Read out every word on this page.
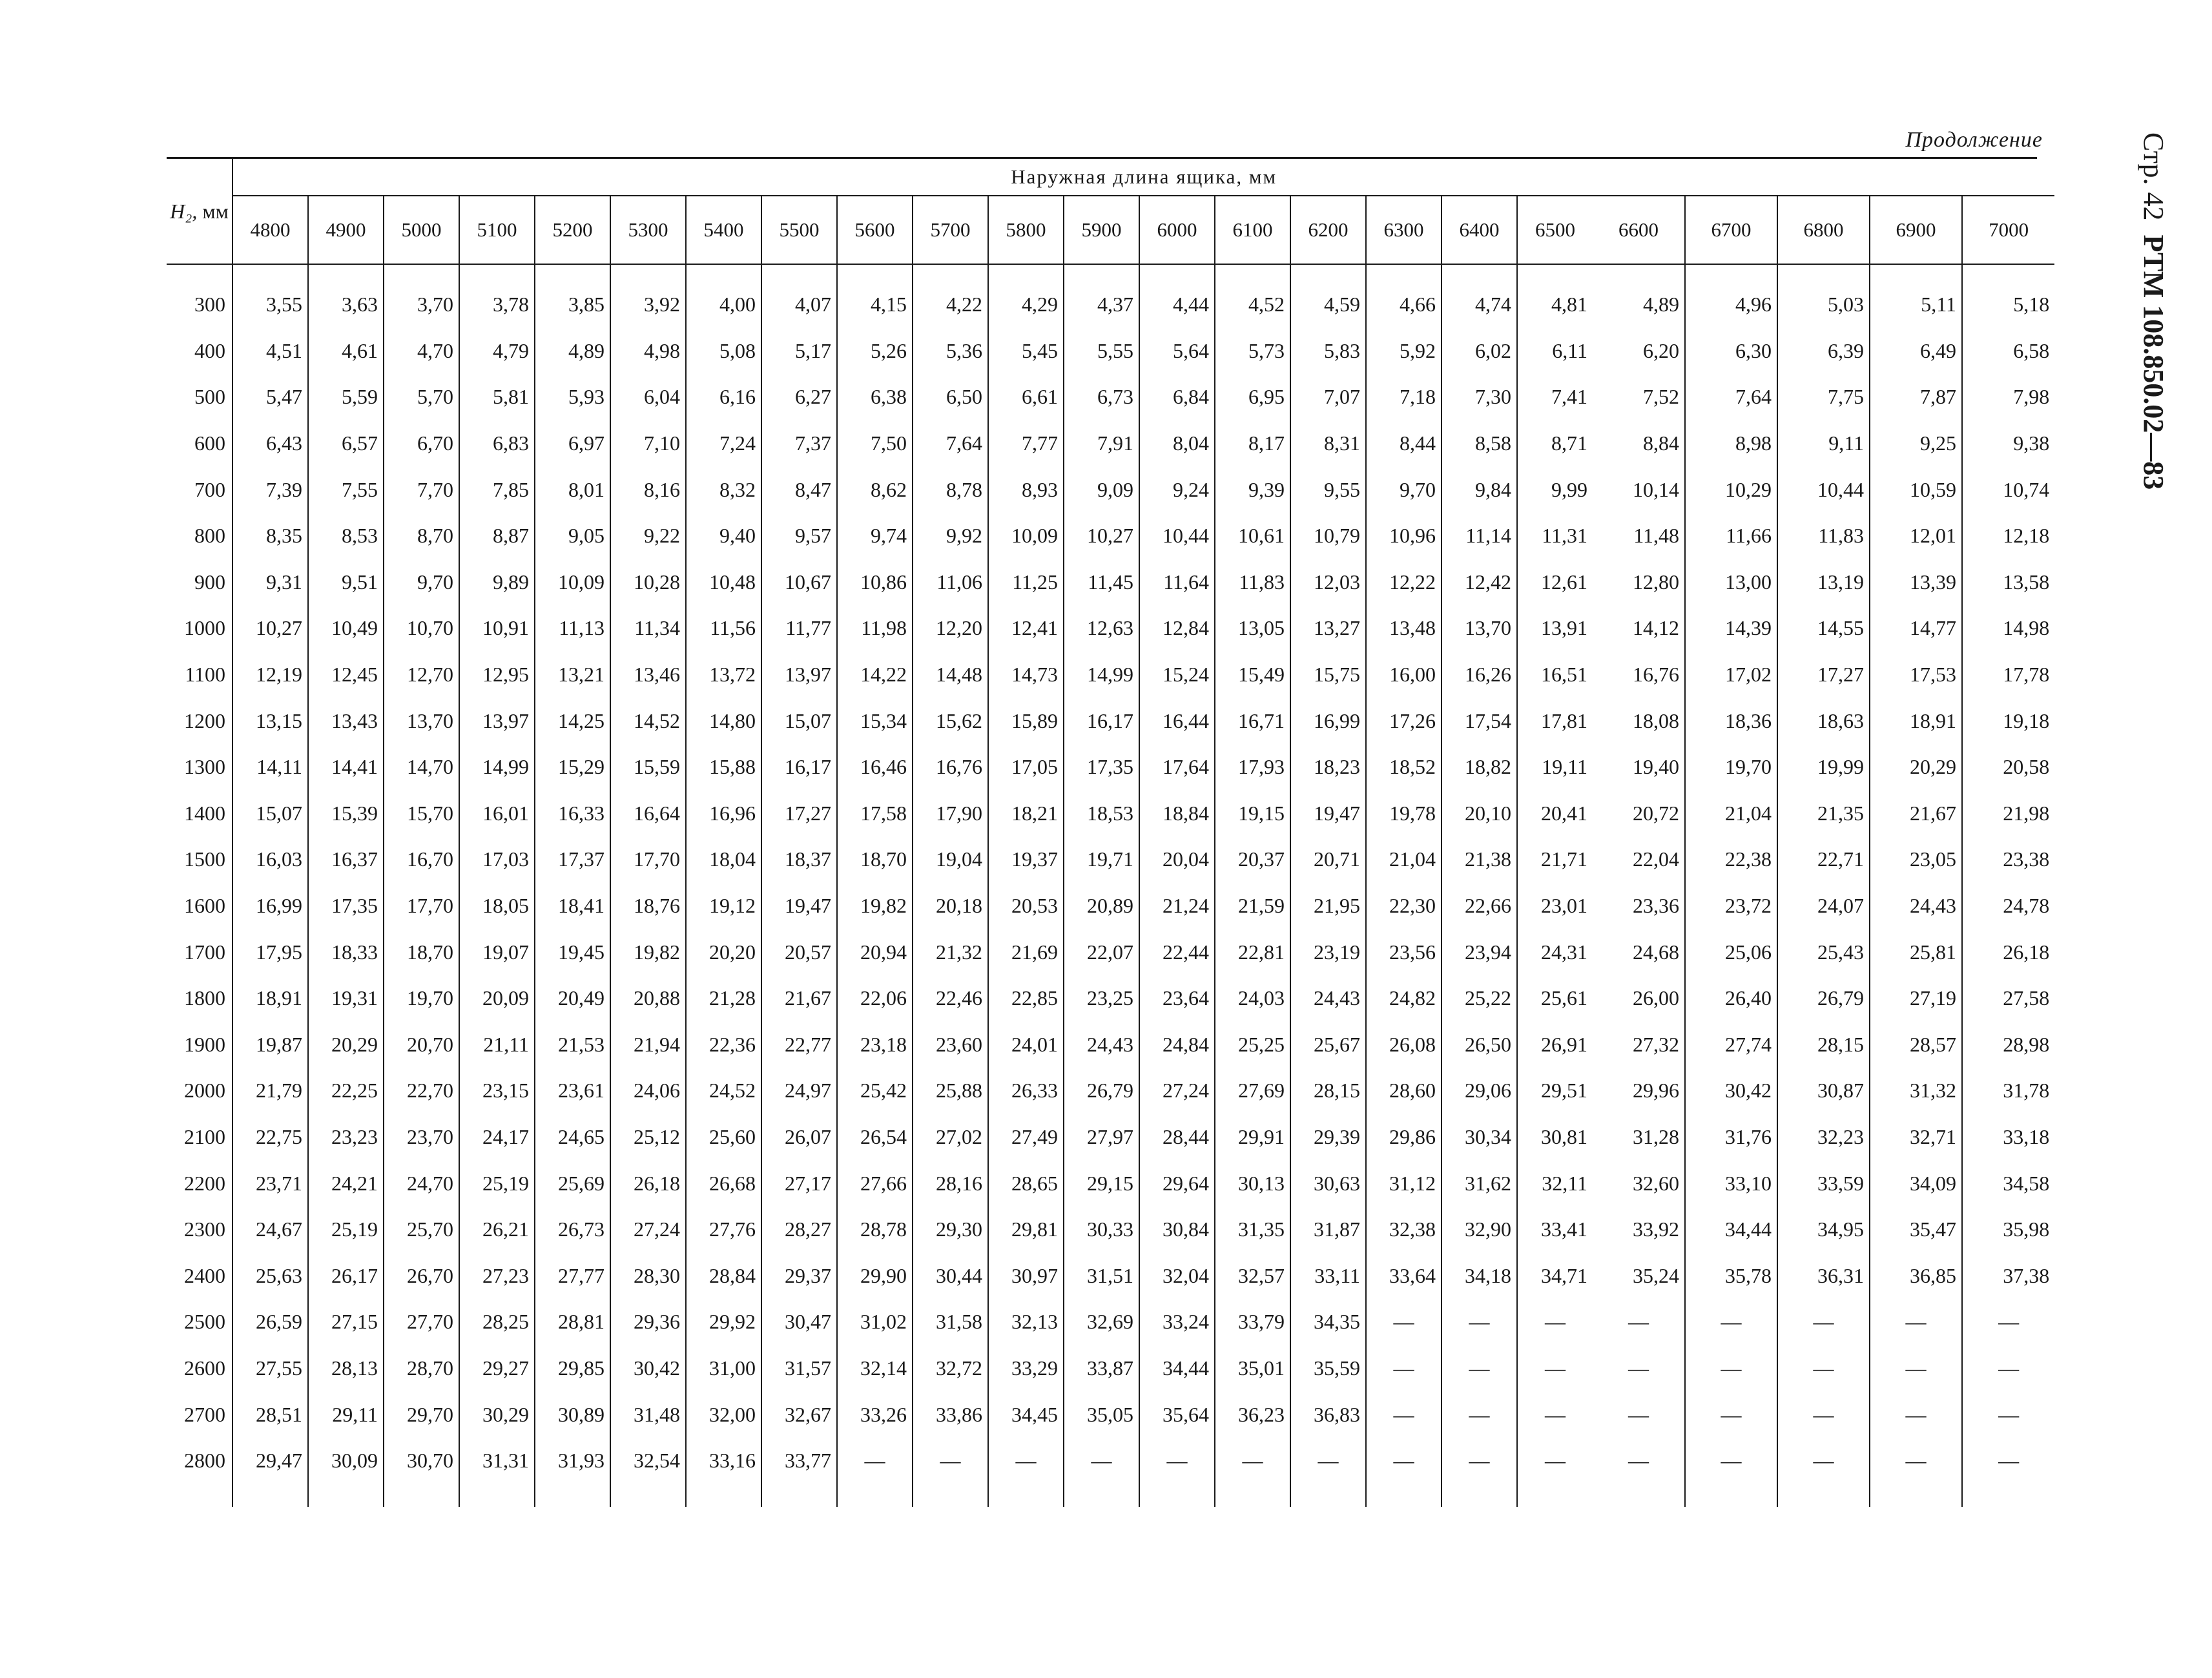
Продолжение	Стр. 42
РТМ 108.850.02—83
H₂, мм	Наружная длина ящика, мм																						
	4800	4900	5000	5100	5200	5300	5400	5500	5600	5700	5800	5900	6000	6100	6200	6300	6400	6500	6600	6700	6800	6900	7000

300	3,55	3,63	3,70	3,78	3,85	3,92	4,00	4,07	4,15	4,22	4,29	4,37	4,44	4,52	4,59	4,66	4,74	4,81	4,89	4,96	5,03	5,11	5,18
400	4,51	4,61	4,70	4,79	4,89	4,98	5,08	5,17	5,26	5,36	5,45	5,55	5,64	5,73	5,83	5,92	6,02	6,11	6,20	6,30	6,39	6,49	6,58
500	5,47	5,59	5,70	5,81	5,93	6,04	6,16	6,27	6,38	6,50	6,61	6,73	6,84	6,95	7,07	7,18	7,30	7,41	7,52	7,64	7,75	7,87	7,98
600	6,43	6,57	6,70	6,83	6,97	7,10	7,24	7,37	7,50	7,64	7,77	7,91	8,04	8,17	8,31	8,44	8,58	8,71	8,84	8,98	9,11	9,25	9,38
700	7,39	7,55	7,70	7,85	8,01	8,16	8,32	8,47	8,62	8,78	8,93	9,09	9,24	9,39	9,55	9,70	9,84	9,99	10,14	10,29	10,44	10,59	10,74
800	8,35	8,53	8,70	8,87	9,05	9,22	9,40	9,57	9,74	9,92	10,09	10,27	10,44	10,61	10,79	10,96	11,14	11,31	11,48	11,66	11,83	12,01	12,18
900	9,31	9,51	9,70	9,89	10,09	10,28	10,48	10,67	10,86	11,06	11,25	11,45	11,64	11,83	12,03	12,22	12,42	12,61	12,80	13,00	13,19	13,39	13,58
1000	10,27	10,49	10,70	10,91	11,13	11,34	11,56	11,77	11,98	12,20	12,41	12,63	12,84	13,05	13,27	13,48	13,70	13,91	14,12	14,39	14,55	14,77	14,98
1100	12,19	12,45	12,70	12,95	13,21	13,46	13,72	13,97	14,22	14,48	14,73	14,99	15,24	15,49	15,75	16,00	16,26	16,51	16,76	17,02	17,27	17,53	17,78
1200	13,15	13,43	13,70	13,97	14,25	14,52	14,80	15,07	15,34	15,62	15,89	16,17	16,44	16,71	16,99	17,26	17,54	17,81	18,08	18,36	18,63	18,91	19,18
1300	14,11	14,41	14,70	14,99	15,29	15,59	15,88	16,17	16,46	16,76	17,05	17,35	17,64	17,93	18,23	18,52	18,82	19,11	19,40	19,70	19,99	20,29	20,58
1400	15,07	15,39	15,70	16,01	16,33	16,64	16,96	17,27	17,58	17,90	18,21	18,53	18,84	19,15	19,47	19,78	20,10	20,41	20,72	21,04	21,35	21,67	21,98
1500	16,03	16,37	16,70	17,03	17,37	17,70	18,04	18,37	18,70	19,04	19,37	19,71	20,04	20,37	20,71	21,04	21,38	21,71	22,04	22,38	22,71	23,05	23,38
1600	16,99	17,35	17,70	18,05	18,41	18,76	19,12	19,47	19,82	20,18	20,53	20,89	21,24	21,59	21,95	22,30	22,66	23,01	23,36	23,72	24,07	24,43	24,78
1700	17,95	18,33	18,70	19,07	19,45	19,82	20,20	20,57	20,94	21,32	21,69	22,07	22,44	22,81	23,19	23,56	23,94	24,31	24,68	25,06	25,43	25,81	26,18
1800	18,91	19,31	19,70	20,09	20,49	20,88	21,28	21,67	22,06	22,46	22,85	23,25	23,64	24,03	24,43	24,82	25,22	25,61	26,00	26,40	26,79	27,19	27,58
1900	19,87	20,29	20,70	21,11	21,53	21,94	22,36	22,77	23,18	23,60	24,01	24,43	24,84	25,25	25,67	26,08	26,50	26,91	27,32	27,74	28,15	28,57	28,98
2000	21,79	22,25	22,70	23,15	23,61	24,06	24,52	24,97	25,42	25,88	26,33	26,79	27,24	27,69	28,15	28,60	29,06	29,51	29,96	30,42	30,87	31,32	31,78
2100	22,75	23,23	23,70	24,17	24,65	25,12	25,60	26,07	26,54	27,02	27,49	27,97	28,44	29,91	29,39	29,86	30,34	30,81	31,28	31,76	32,23	32,71	33,18
2200	23,71	24,21	24,70	25,19	25,69	26,18	26,68	27,17	27,66	28,16	28,65	29,15	29,64	30,13	30,63	31,12	31,62	32,11	32,60	33,10	33,59	34,09	34,58
2300	24,67	25,19	25,70	26,21	26,73	27,24	27,76	28,27	28,78	29,30	29,81	30,33	30,84	31,35	31,87	32,38	32,90	33,41	33,92	34,44	34,95	35,47	35,98
2400	25,63	26,17	26,70	27,23	27,77	28,30	28,84	29,37	29,90	30,44	30,97	31,51	32,04	32,57	33,11	33,64	34,18	34,71	35,24	35,78	36,31	36,85	37,38
2500	26,59	27,15	27,70	28,25	28,81	29,36	29,92	30,47	31,02	31,58	32,13	32,69	33,24	33,79	34,35	—	—	—	—	—	—	—	—
2600	27,55	28,13	28,70	29,27	29,85	30,42	31,00	31,57	32,14	32,72	33,29	33,87	34,44	35,01	35,59	—	—	—	—	—	—	—	—
2700	28,51	29,11	29,70	30,29	30,89	31,48	32,00	32,67	33,26	33,86	34,45	35,05	35,64	36,23	36,83	—	—	—	—	—	—	—	—
2800	29,47	30,09	30,70	31,31	31,93	32,54	33,16	33,77	—	—	—	—	—	—	—	—	—	—	—	—	—	—	—
